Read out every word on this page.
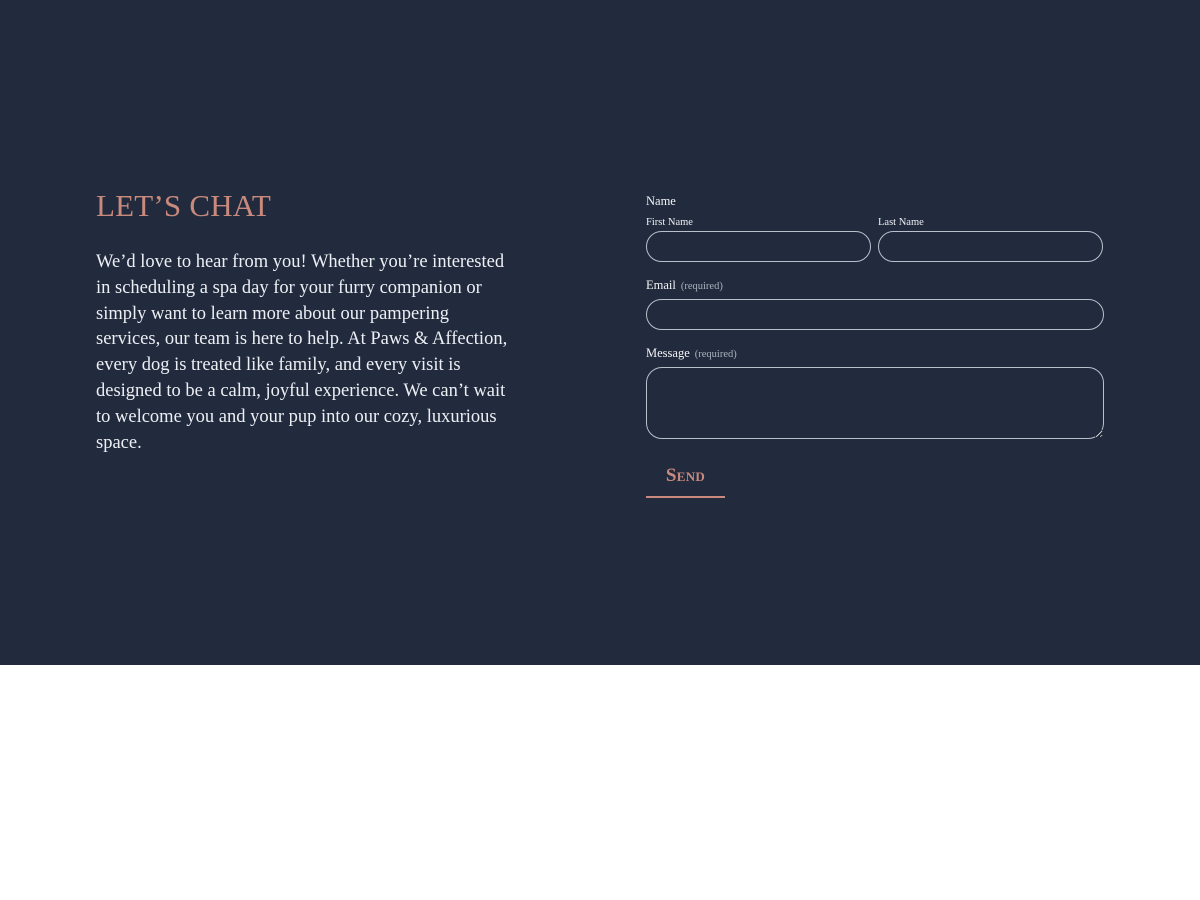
LET’S CHAT

We’d love to hear from you! Whether you’re interested in scheduling a spa day for your furry companion or simply want to learn more about our pampering services, our team is here to help. At Paws & Affection, every dog is treated like family, and every visit is designed to be a calm, joyful experience. We can’t wait to welcome you and your pup into our cozy, luxurious space.

Name
First Name	Last Name
Email (required)
Message (required)
Send
